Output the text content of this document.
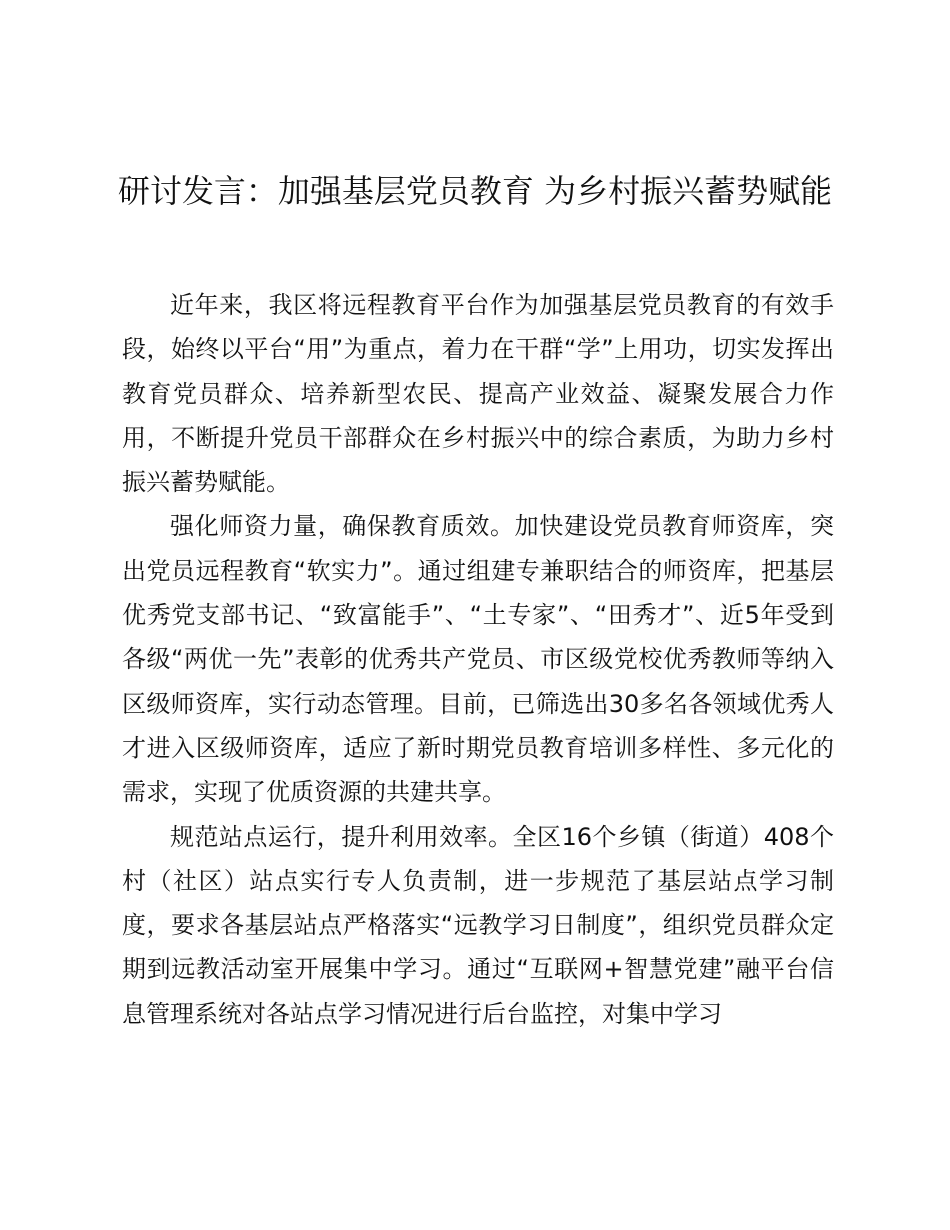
研讨发言：加强基层党员教育 为乡村振兴蓄势赋能

近年来，我区将远程教育平台作为加强基层党员教育的有效手段，始终以平台“用”为重点，着力在干群“学”上用功，切实发挥出教育党员群众、培养新型农民、提高产业效益、凝聚发展合力作用，不断提升党员干部群众在乡村振兴中的综合素质，为助力乡村振兴蓄势赋能。

强化师资力量，确保教育质效。加快建设党员教育师资库，突出党员远程教育“软实力”。通过组建专兼职结合的师资库，把基层优秀党支部书记、“致富能手”、“土专家”、“田秀才”、近5年受到各级“两优一先”表彰的优秀共产党员、市区级党校优秀教师等纳入区级师资库，实行动态管理。目前，已筛选出30多名各领域优秀人才进入区级师资库，适应了新时期党员教育培训多样性、多元化的需求，实现了优质资源的共建共享。

规范站点运行，提升利用效率。全区16个乡镇（街道）408个村（社区）站点实行专人负责制，进一步规范了基层站点学习制度，要求各基层站点严格落实“远教学习日制度”，组织党员群众定期到远教活动室开展集中学习。通过“互联网+智慧党建”融平台信息管理系统对各站点学习情况进行后台监控，对集中学习
